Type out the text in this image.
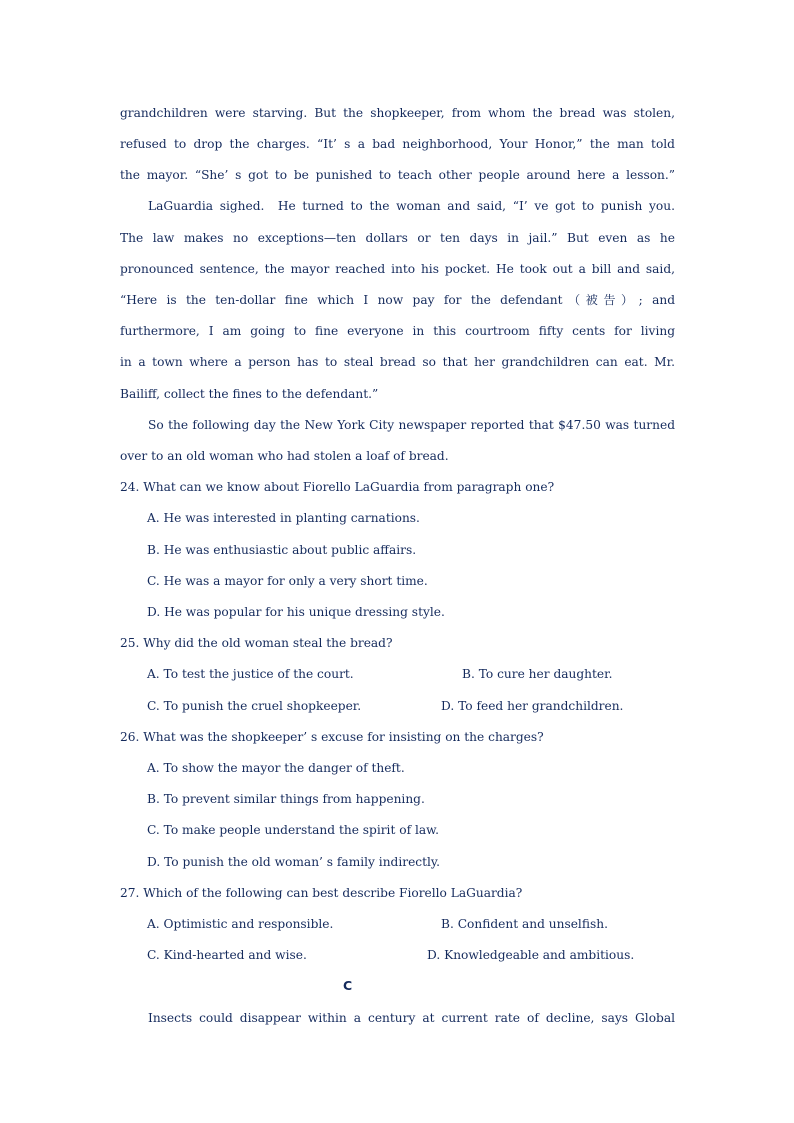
grandchildren were starving. But the shopkeeper, from whom the bread was stolen,

refused to drop the charges. “It’ s a bad neighborhood, Your Honor,” the man told

the mayor. “She’ s got to be punished to teach other people around here a lesson.”

LaGuardia sighed.  He turned to the woman and said, “I’ ve got to punish you.

The law makes no exceptions—ten dollars or ten days in jail.” But even as he

pronounced sentence, the mayor reached into his pocket. He took out a bill and said,

“Here is the ten-dollar fine which I now pay for the defendant（被告）; and

furthermore, I am going to fine everyone in this courtroom fifty cents for living

in a town where a person has to steal bread so that her grandchildren can eat. Mr.

Bailiff, collect the fines to the defendant.”

So the following day the New York City newspaper reported that $47.50 was turned

over to an old woman who had stolen a loaf of bread.

24. What can we know about Fiorello LaGuardia from paragraph one?

A. He was interested in planting carnations.

B. He was enthusiastic about public affairs.

C. He was a mayor for only a very short time.

D. He was popular for his unique dressing style.

25. Why did the old woman steal the bread?

A. To test the justice of the court.	B. To cure her daughter.

C. To punish the cruel shopkeeper.	D. To feed her grandchildren.

26. What was the shopkeeper’ s excuse for insisting on the charges?

A. To show the mayor the danger of theft.

B. To prevent similar things from happening.

C. To make people understand the spirit of law.

D. To punish the old woman’ s family indirectly.

27. Which of the following can best describe Fiorello LaGuardia?

A. Optimistic and responsible.	B. Confident and unselfish.

C. Kind-hearted and wise.	D. Knowledgeable and ambitious.

C

Insects could disappear within a century at current rate of decline, says Global
